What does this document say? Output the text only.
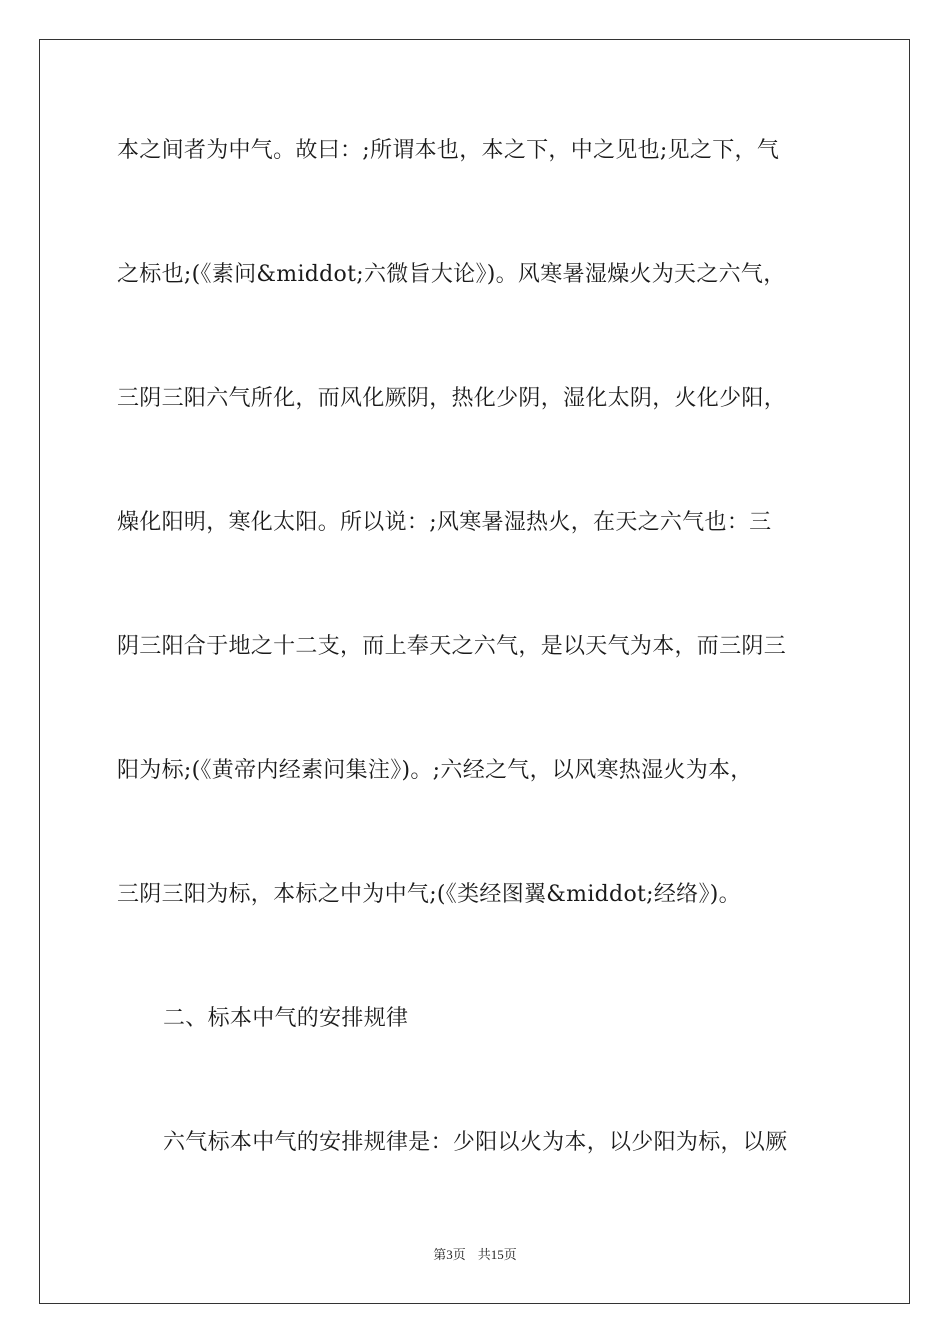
本之间者为中气。故曰：;所谓本也，本之下，中之见也;见之下，气
之标也;(《素问&middot;六微旨大论》)。风寒暑湿燥火为天之六气，
三阴三阳六气所化，而风化厥阴，热化少阴，湿化太阴，火化少阳，
燥化阳明，寒化太阳。所以说：;风寒暑湿热火，在天之六气也：三
阴三阳合于地之十二支，而上奉天之六气，是以天气为本，而三阴三
阳为标;(《黄帝内经素问集注》)。;六经之气，以风寒热湿火为本，
三阴三阳为标，本标之中为中气;(《类经图翼&middot;经络》)。
二、标本中气的安排规律
六气标本中气的安排规律是：少阳以火为本，以少阳为标，以厥
第3页 共15页
